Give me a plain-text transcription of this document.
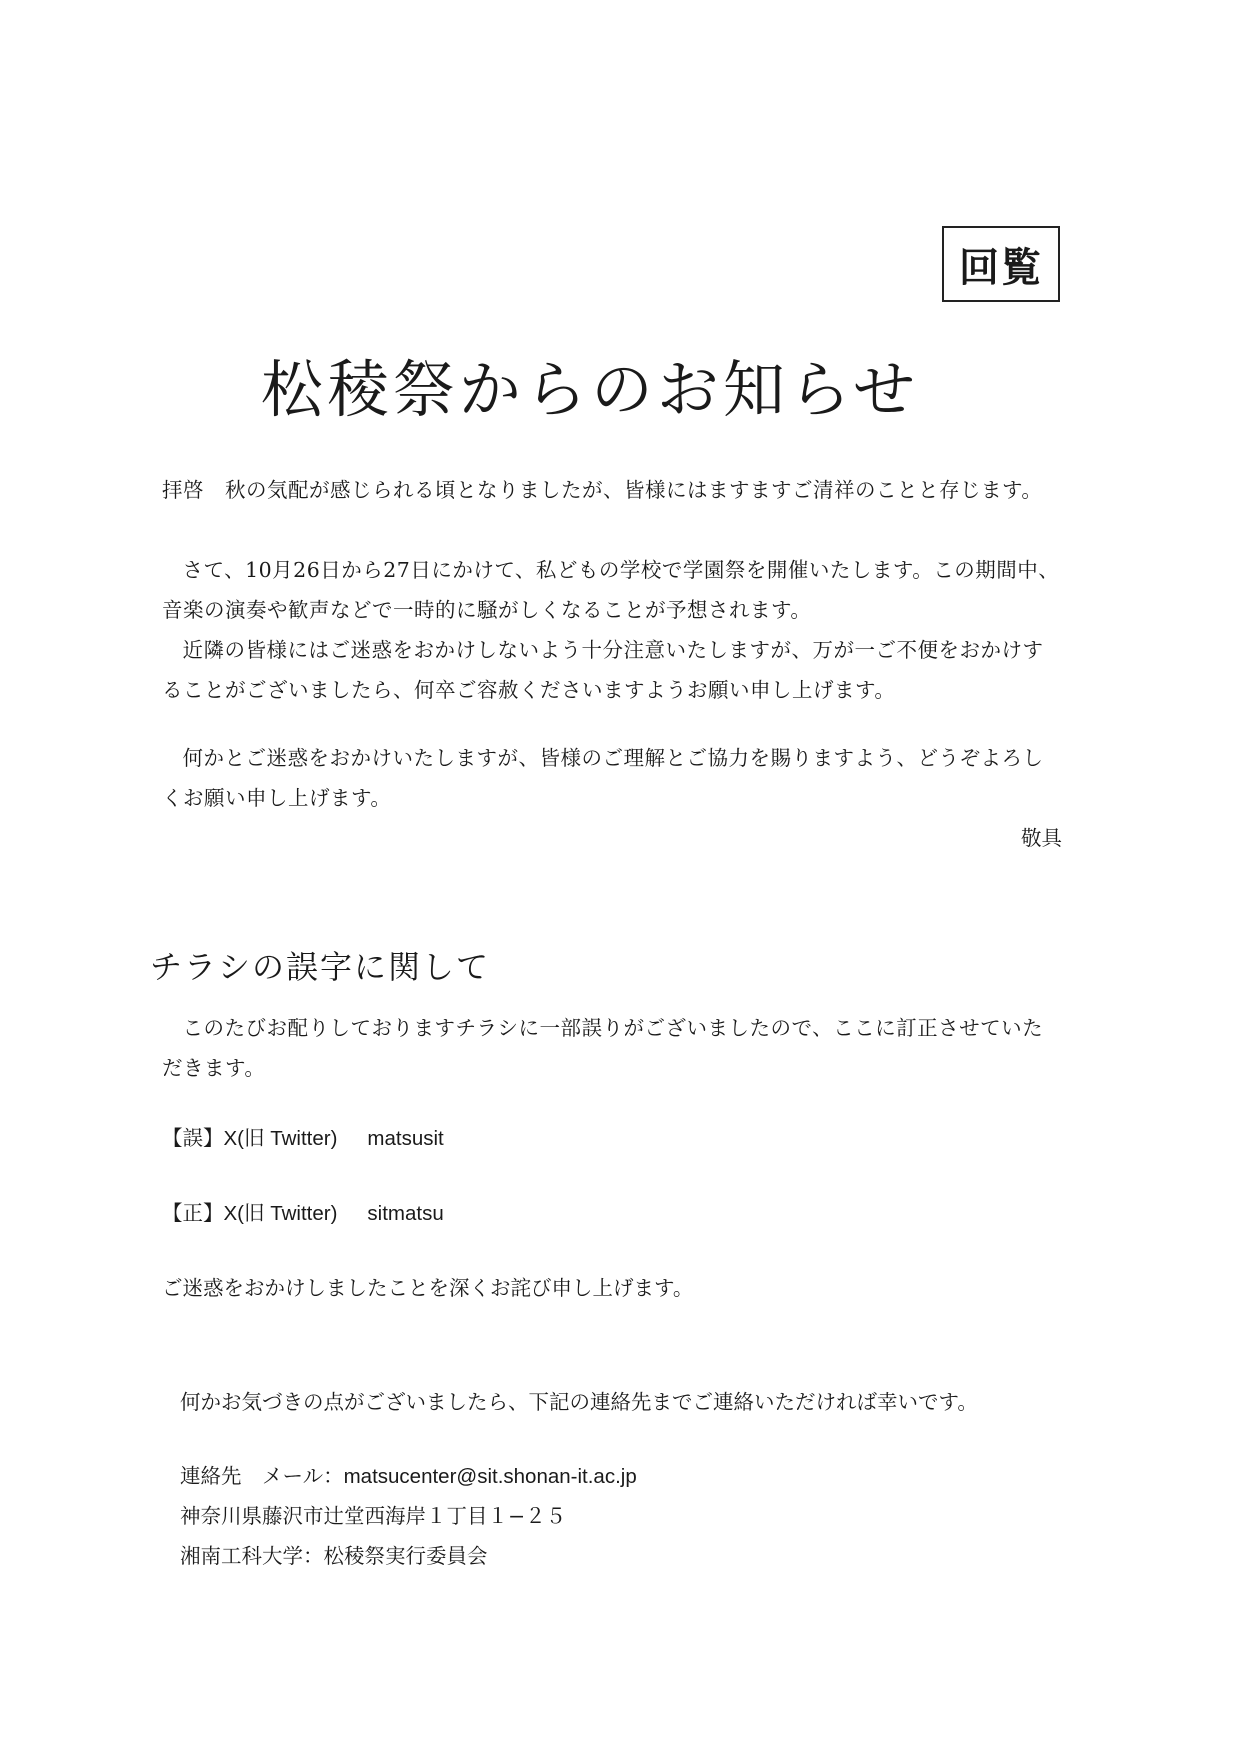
回覧
松稜祭からのお知らせ

拝啓　秋の気配が感じられる頃となりましたが、皆様にはますますご清祥のことと存じます。

さて、10月26日から27日にかけて、私どもの学校で学園祭を開催いたします。この期間中、音楽の演奏や歓声などで一時的に騒がしくなることが予想されます。

近隣の皆様にはご迷惑をおかけしないよう十分注意いたしますが、万が一ご不便をおかけすることがございましたら、何卒ご容赦くださいますようお願い申し上げます。

何かとご迷惑をおかけいたしますが、皆様のご理解とご協力を賜りますよう、どうぞよろしくお願い申し上げます。

敬具
チラシの誤字に関して

このたびお配りしておりますチラシに一部誤りがございましたので、ここに訂正させていただきます。

【誤】X(旧 Twitter) matsusit
【正】X(旧 Twitter) sitmatsu
ご迷惑をおかけしましたことを深くお詫び申し上げます。
何かお気づきの点がございましたら、下記の連絡先までご連絡いただければ幸いです。
連絡先　メール：matsucenter@sit.shonan-it.ac.jp
神奈川県藤沢市辻堂西海岸１丁目１−２５
湘南工科大学：松稜祭実行委員会
